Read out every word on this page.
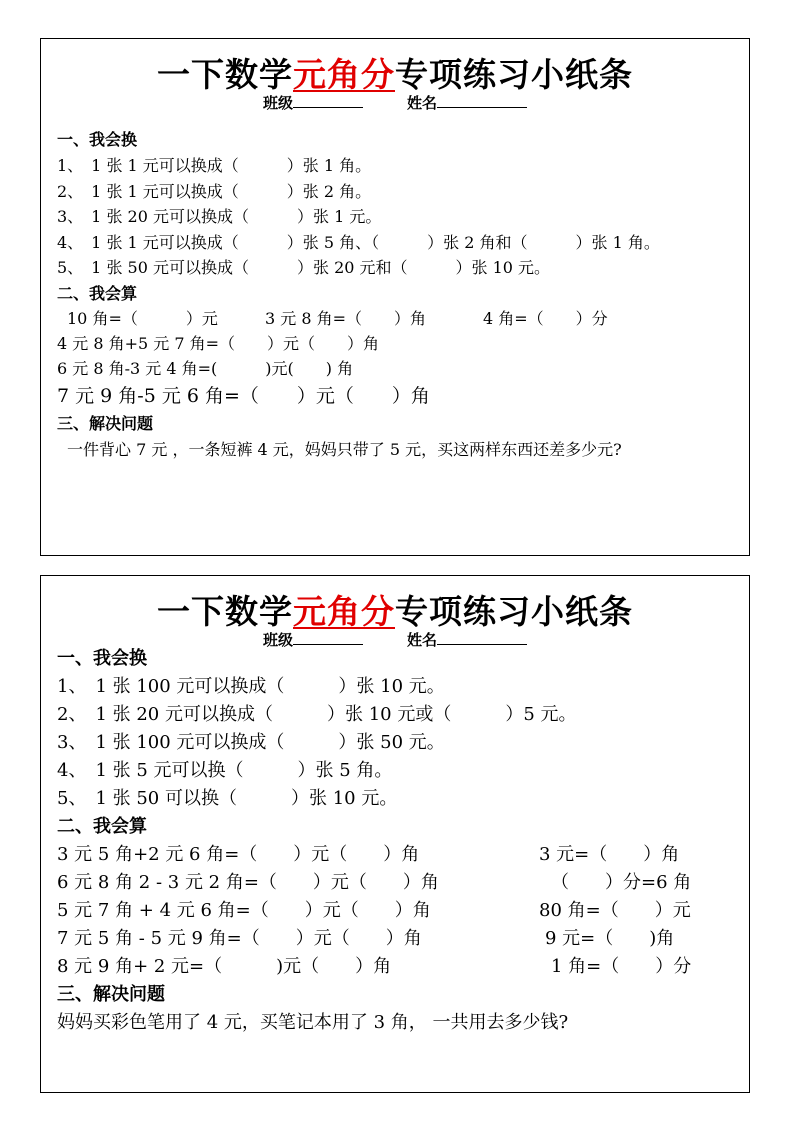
一下数学元角分专项练习小纸条
班级	姓名
一、我会换
1、　1 张 1 元可以换成（　　　）张 1 角。
2、　1 张 1 元可以换成（　　　）张 2 角。
3、　1 张 20 元可以换成（　　　）张 1 元。
4、　1 张 1 元可以换成（　　　）张 5 角、（　　　）张 2 角和（　　　）张 1 角。
5、　1 张 50 元可以换成（　　　）张 20 元和（　　　）张 10 元。
二、我会算
10 角=（　　　）元	3 元 8 角=（　　）角	4 角=（　　）分
4 元 8 角+5 元 7 角=（　　）元（　　）角
6 元 8 角-3 元 4 角=(　　　)元(　　) 角
7 元 9 角-5 元 6 角=（　　）元（　　）角
三、解决问题
一件背心 7 元 ，一条短裤 4 元，妈妈只带了 5 元，买这两样东西还差多少元?
一下数学元角分专项练习小纸条
班级	姓名
一、我会换
1、　1 张 100 元可以换成（　　　）张 10 元。
2、　1 张 20 元可以换成（　　　）张 10 元或（　　　）5 元。
3、　1 张 100 元可以换成（　　　）张 50 元。
4、　1 张 5 元可以换（　　　）张 5 角。
5、　1 张 50 可以换（　　　）张 10 元。
二、我会算
3 元 5 角+2 元 6 角=（　　）元（　　）角	3 元=（　　）角
6 元 8 角 2 - 3 元 2 角=（　　）元（　　）角	（　　）分=6 角
5 元 7 角 + 4 元 6 角=（　　）元（　　）角	80 角=（　　）元
7 元 5 角 - 5 元 9 角=（　　）元（　　）角	9 元=（　　)角
8 元 9 角+ 2 元=（　　　)元（　　）角	1 角=（　　）分
三、解决问题
妈妈买彩色笔用了 4 元，买笔记本用了 3 角， 一共用去多少钱?
